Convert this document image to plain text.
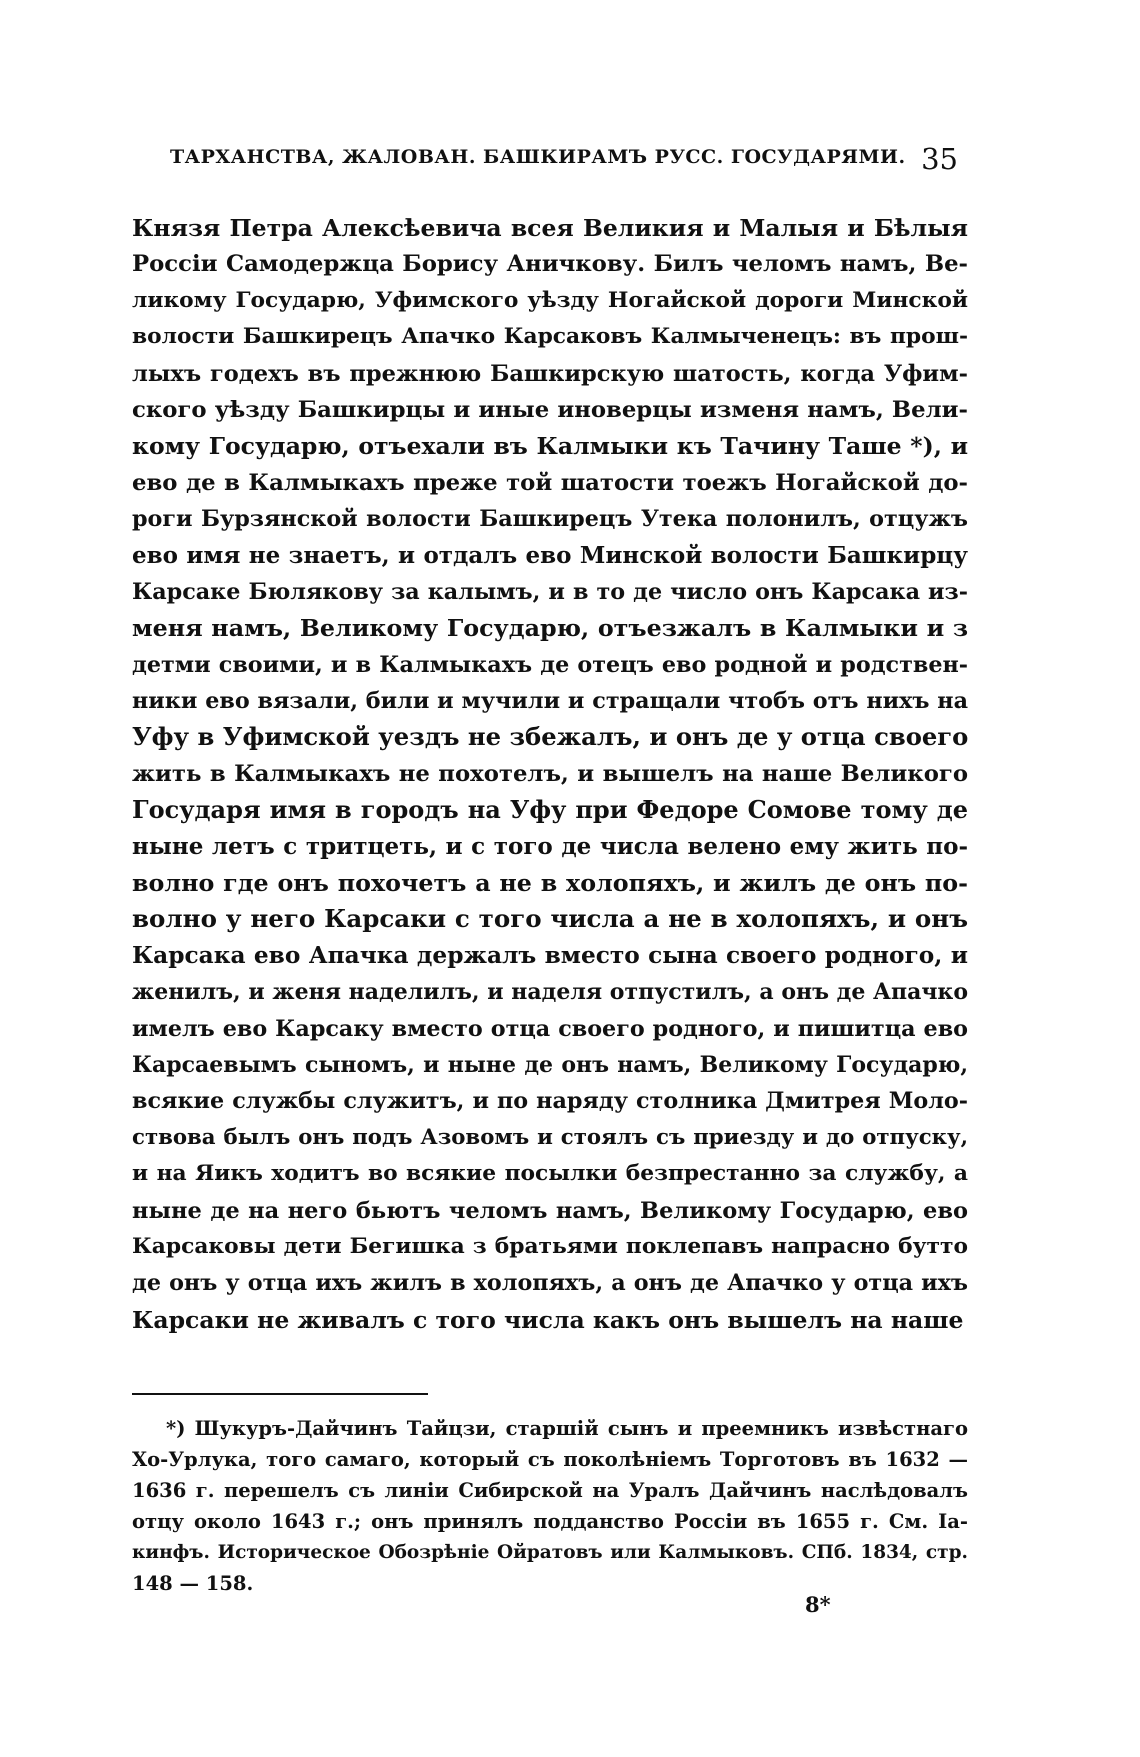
ТАРХАНСТВА, ЖАЛОВАН. БАШКИРАМЪ РУСС. ГОСУДАРЯМИ. 35
Князя Петра Алексѣевича всея Великия и Малыя и Бѣлыя
Россіи Самодержца Борису Аничкову. Билъ челомъ намъ, Ве-
ликому Государю, Уфимского уѣзду Ногайской дороги Минской
волости Башкирецъ Апачко Карсаковъ Калмыченецъ: въ прош-
лыхъ годехъ въ прежнюю Башкирскую шатость, когда Уфим-
ского уѣзду Башкирцы и иные иноверцы изменя намъ, Вели-
кому Государю, отъехали въ Калмыки къ Тачину Таше *), и
ево де в Калмыкахъ преже той шатости тоежъ Ногайской до-
роги Бурзянской волости Башкирецъ Утека полонилъ, отцужъ
ево имя не знаетъ, и отдалъ ево Минской волости Башкирцу
Карсаке Бюлякову за калымъ, и в то де число онъ Карсака из-
меня намъ, Великому Государю, отъезжалъ в Калмыки и з
детми своими, и в Калмыкахъ де отецъ ево родной и родствен-
ники ево вязали, били и мучили и стращали чтобъ отъ нихъ на
Уфу в Уфимской уездъ не збежалъ, и онъ де у отца своего
жить в Калмыкахъ не похотелъ, и вышелъ на наше Великого
Государя имя в городъ на Уфу при Федоре Сомове тому де
ныне летъ с тритцеть, и с того де числа велено ему жить по-
волно где онъ похочетъ а не в холопяхъ, и жилъ де онъ по-
волно у него Карсаки с того числа а не в холопяхъ, и онъ
Карсака ево Апачка держалъ вместо сына своего родного, и
женилъ, и женя наделилъ, и наделя отпустилъ, а онъ де Апачко
имелъ ево Карсаку вместо отца своего родного, и пишитца ево
Карсаевымъ сыномъ, и ныне де онъ намъ, Великому Государю,
всякие службы служитъ, и по наряду столника Дмитрея Моло-
ствова былъ онъ подъ Азовомъ и стоялъ съ приезду и до отпуску,
и на Яикъ ходитъ во всякие посылки безпрестанно за службу, а
ныне де на него бьютъ челомъ намъ, Великому Государю, ево
Карсаковы дети Бегишка з братьями поклепавъ напрасно бутто
де онъ у отца ихъ жилъ в холопяхъ, а онъ де Апачко у отца ихъ
Карсаки не живалъ с того числа какъ онъ вышелъ на наше
*) Шукуръ-Дайчинъ Тайцзи, старшій сынъ и преемникъ извѣстнаго
Хо-Урлука, того самаго, который съ поколѣніемъ Торготовъ въ 1632 —
1636 г. перешелъ съ линіи Сибирской на Уралъ Дайчинъ наслѣдовалъ
отцу около 1643 г.; онъ принялъ подданство Россіи въ 1655 г. См. Іа-
кинфъ. Историческое Обозрѣніе Ойратовъ или Калмыковъ. СПб. 1834, стр.
148 — 158.
8*
